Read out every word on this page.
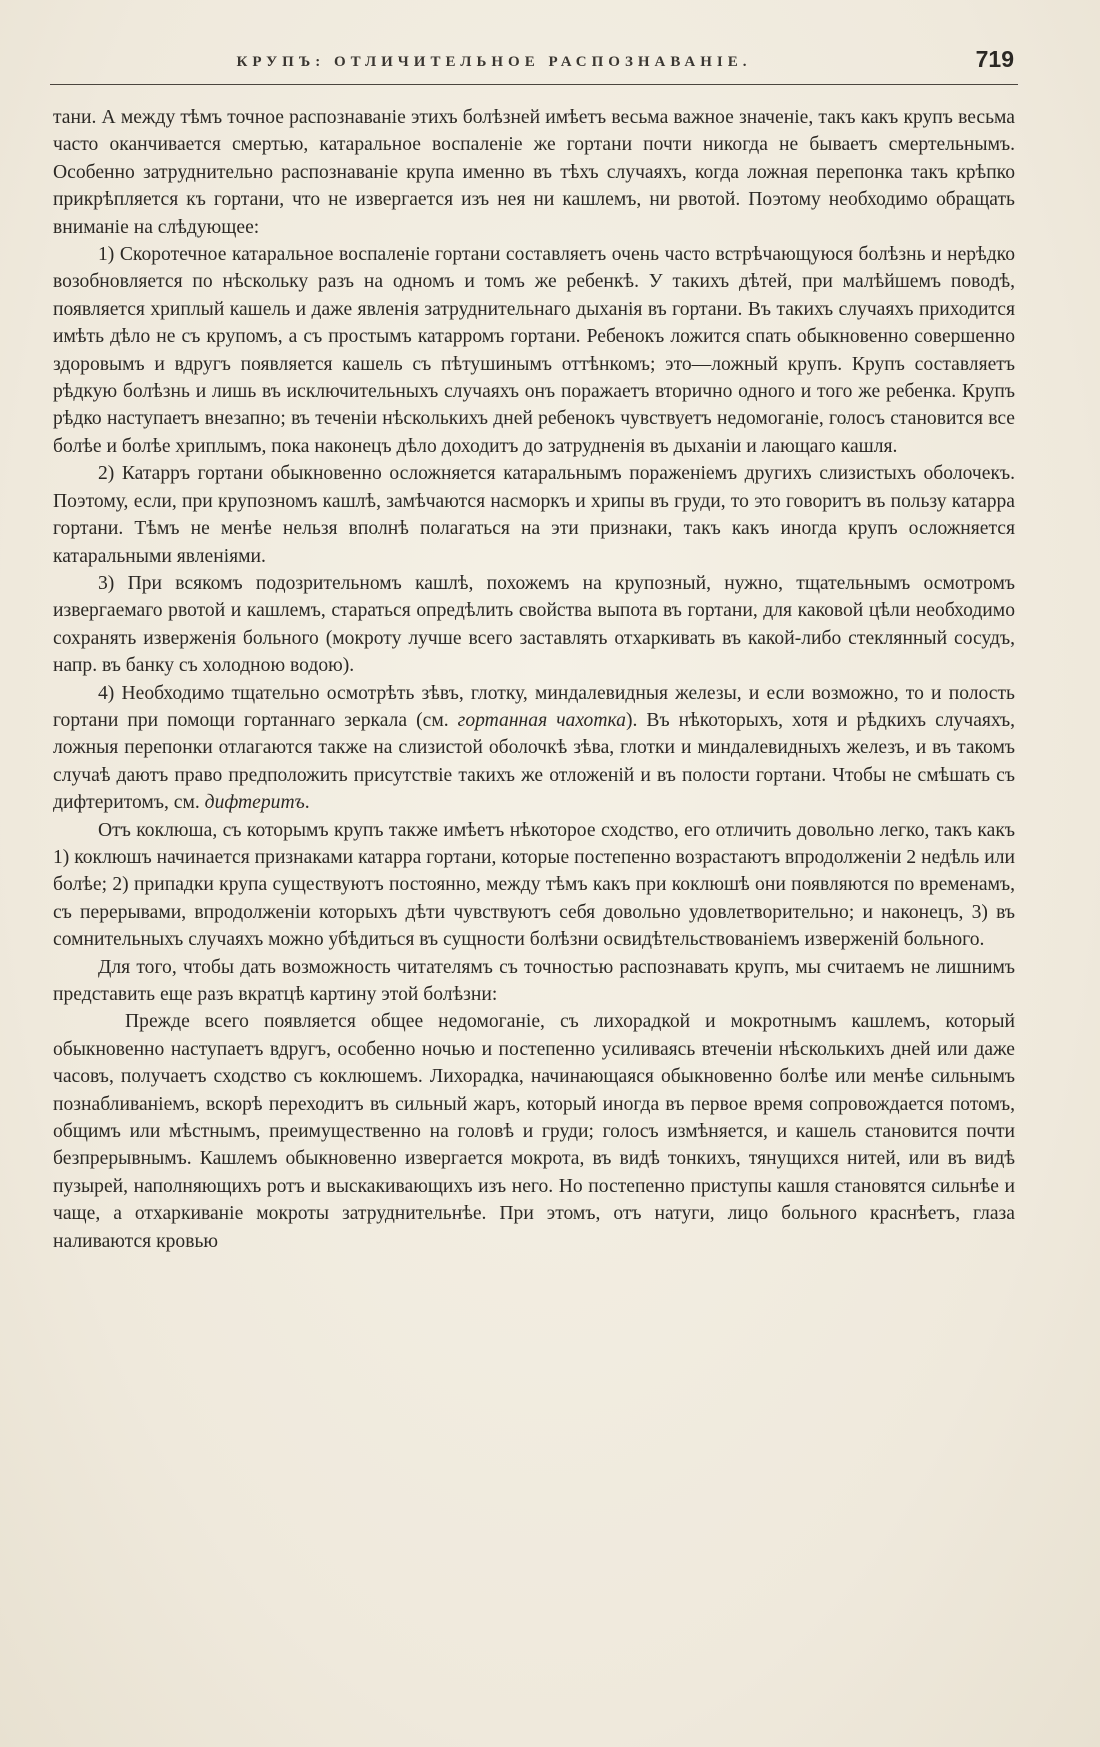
КРУПЪ: ОТЛИЧИТЕЛЬНОЕ РАСПОЗНАВАНІЕ.	719

тани. А между тѣмъ точное распознаванiе этихъ болѣзней имѣетъ весьма важное значенiе, такъ какъ крупъ весьма часто оканчивается смертью, катаральное воспаленiе же гортани почти никогда не бываетъ смертельнымъ. Особенно затруднительно распознаванiе крупа именно въ тѣхъ случаяхъ, когда ложная перепонка такъ крѣпко прикрѣпляется къ гортани, что не извергается изъ нея ни кашлемъ, ни рвотой. Поэтому необходимо обращать вниманiе на слѣдующее:

1) Скоротечное катаральное воспаленiе гортани составляетъ очень часто встрѣчающуюся болѣзнь и нерѣдко возобновляется по нѣскольку разъ на одномъ и томъ же ребенкѣ. У такихъ дѣтей, при малѣйшемъ поводѣ, появляется хриплый кашель и даже явленiя затруднительнаго дыханiя въ гортани. Въ такихъ случаяхъ приходится имѣть дѣло не съ крупомъ, а съ простымъ катарромъ гортани. Ребенокъ ложится спать обыкновенно совершенно здоровымъ и вдругъ появляется кашель съ пѣтушинымъ оттѣнкомъ; это—ложный крупъ. Крупъ составляетъ рѣдкую болѣзнь и лишь въ исключительныхъ случаяхъ онъ поражаетъ вторично одного и того же ребенка. Крупъ рѣдко наступаетъ внезапно; въ теченiи нѣсколькихъ дней ребенокъ чувствуетъ недомоганiе, голосъ становится все болѣе и болѣе хриплымъ, пока наконецъ дѣло доходитъ до затрудненiя въ дыханiи и лающаго кашля.

2) Катарръ гортани обыкновенно осложняется катаральнымъ пораженiемъ другихъ слизистыхъ оболочекъ. Поэтому, если, при крупозномъ кашлѣ, замѣчаются насморкъ и хрипы въ груди, то это говоритъ въ пользу катарра гортани. Тѣмъ не менѣе нельзя вполнѣ полагаться на эти признаки, такъ какъ иногда крупъ осложняется катаральными явленiями.

3) При всякомъ подозрительномъ кашлѣ, похожемъ на крупозный, нужно, тщательнымъ осмотромъ извергаемаго рвотой и кашлемъ, стараться опредѣлить свойства выпота въ гортани, для каковой цѣли необходимо сохранять изверженiя больного (мокроту лучше всего заставлять отхаркивать въ какой-либо стеклянный сосудъ, напр. въ банку съ холодною водою).

4) Необходимо тщательно осмотрѣть зѣвъ, глотку, миндалевидныя железы, и если возможно, то и полость гортани при помощи гортаннаго зеркала (см. гортанная чахотка). Въ нѣкоторыхъ, хотя и рѣдкихъ случаяхъ, ложныя перепонки отлагаются также на слизистой оболочкѣ зѣва, глотки и миндалевидныхъ железъ, и въ такомъ случаѣ даютъ право предположить присутствiе такихъ же отложенiй и въ полости гортани. Чтобы не смѣшать съ дифтеритомъ, см. дифтеритъ.

Отъ коклюша, съ которымъ крупъ также имѣетъ нѣкоторое сходство, его отличить довольно легко, такъ какъ 1) коклюшъ начинается признаками катарра гортани, которые постепенно возрастаютъ впродолженiи 2 недѣль или болѣе; 2) припадки крупа существуютъ постоянно, между тѣмъ какъ при коклюшѣ они появляются по временамъ, съ перерывами, впродолженiи которыхъ дѣти чувствуютъ себя довольно удовлетворительно; и наконецъ, 3) въ сомнительныхъ случаяхъ можно убѣдиться въ сущности болѣзни освидѣтельствованiемъ изверженiй больного.

Для того, чтобы дать возможность читателямъ съ точностью распознавать крупъ, мы считаемъ не лишнимъ представить еще разъ вкратцѣ картину этой болѣзни:

Прежде всего появляется общее недомоганiе, съ лихорадкой и мокротнымъ кашлемъ, который обыкновенно наступаетъ вдругъ, особенно ночью и постепенно усиливаясь втеченiи нѣсколькихъ дней или даже часовъ, получаетъ сходство съ коклюшемъ. Лихорадка, начинающаяся обыкновенно болѣе или менѣе сильнымъ познабливанiемъ, вскорѣ переходитъ въ сильный жаръ, который иногда въ первое время сопровождается потомъ, общимъ или мѣстнымъ, преимущественно на головѣ и груди; голосъ измѣняется, и кашель становится почти безпрерывнымъ. Кашлемъ обыкновенно извергается мокрота, въ видѣ тонкихъ, тянущихся нитей, или въ видѣ пузырей, наполняющихъ ротъ и выскакивающихъ изъ него. Но постепенно приступы кашля становятся сильнѣе и чаще, а отхаркиванiе мокроты затруднительнѣе. При этомъ, отъ натуги, лицо больного краснѣетъ, глаза наливаются кровью
